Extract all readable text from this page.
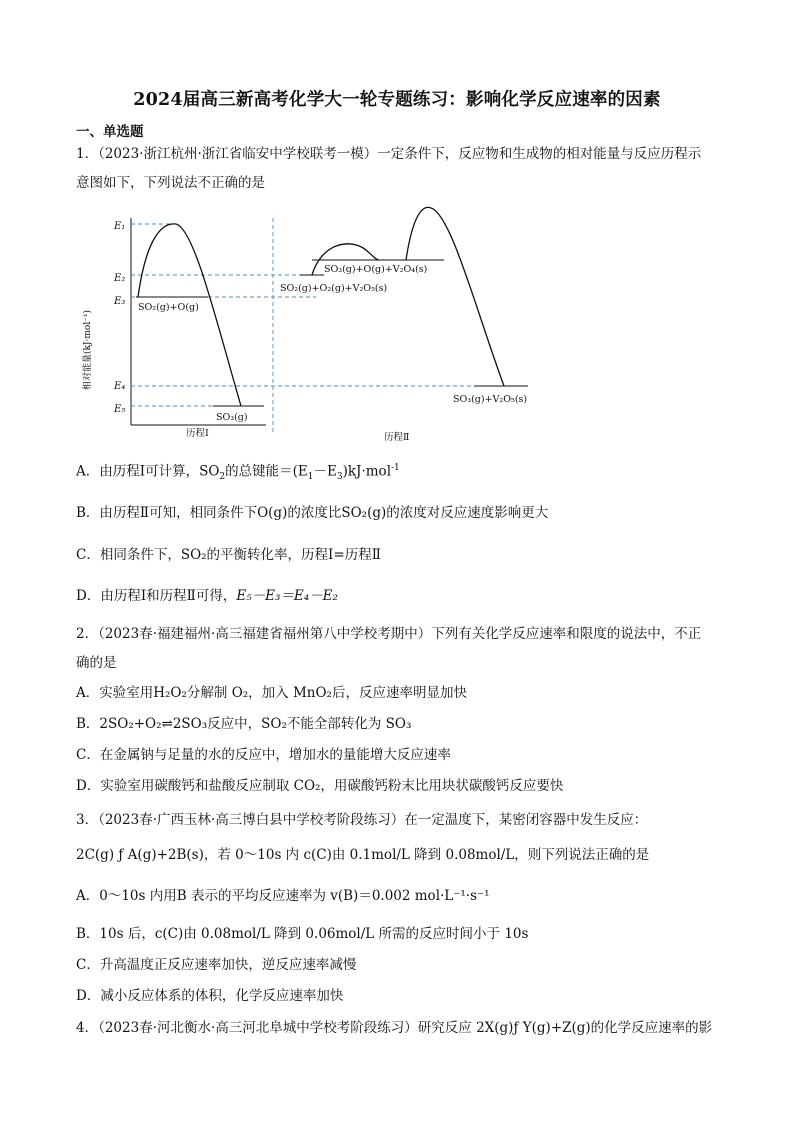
2024届高三新高考化学大一轮专题练习：影响化学反应速率的因素
一、单选题
1．（2023·浙江杭州·浙江省临安中学校联考一模）一定条件下，反应物和生成物的相对能量与反应历程示
意图如下，下列说法不正确的是
相对能量(kJ·mol⁻¹)
E₁
E₂
E₃
E₄
E₅
SO₂(g)+O(g)
SO₃(g)
历程Ⅰ
SO₃(g)+O(g)+V₂O₄(s)
SO₂(g)+O₂(g)+V₂O₅(s)
SO₃(g)+V₂O₅(s)
历程Ⅱ
A．由历程Ⅰ可计算，$SO_2$的总键能$=(E_1-E_3)kJ\cdot mol^{-1}$
B．由历程Ⅱ可知，相同条件下O(g)的浓度比SO₂(g)的浓度对反应速度影响更大
C．相同条件下，SO₂的平衡转化率，历程Ⅰ=历程Ⅱ
D．由历程Ⅰ和历程Ⅱ可得，E₅－E₃＝E₄－E₂
2．（2023春·福建福州·高三福建省福州第八中学校考期中）下列有关化学反应速率和限度的说法中，不正
确的是
A．实验室用H₂O₂分解制 O₂，加入 MnO₂后，反应速率明显加快
B．2SO₂+O₂⇌2SO₃反应中，SO₂不能全部转化为 SO₃
C．在金属钠与足量的水的反应中，增加水的量能增大反应速率
D．实验室用碳酸钙和盐酸反应制取 CO₂，用碳酸钙粉末比用块状碳酸钙反应要快
3．（2023春·广西玉林·高三博白县中学校考阶段练习）在一定温度下，某密闭容器中发生反应：
2C(g) ƒ A(g)+2B(s)，若 0～10s 内 c(C)由 0.1mol/L 降到 0.08mol/L，则下列说法正确的是
A．0～10s 内用B 表示的平均反应速率为 v(B)＝0.002 mol·L⁻¹·s⁻¹
B．10s 后，c(C)由 0.08mol/L 降到 0.06mol/L 所需的反应时间小于 10s
C．升高温度正反应速率加快，逆反应速率减慢
D．减小反应体系的体积，化学反应速率加快
4．（2023春·河北衡水·高三河北阜城中学校考阶段练习）研究反应 2X(g)ƒ Y(g)+Z(g)的化学反应速率的影
